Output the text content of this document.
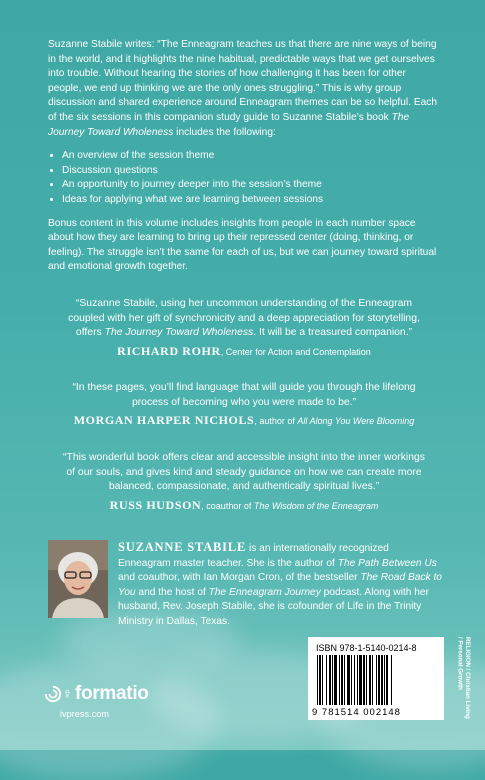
Suzanne Stabile writes: “The Enneagram teaches us that there are nine ways of being in the world, and it highlights the nine habitual, predictable ways that we get ourselves into trouble. Without hearing the stories of how challenging it has been for other people, we end up thinking we are the only ones struggling.” This is why group discussion and shared experience around Enneagram themes can be so helpful. Each of the six sessions in this companion study guide to Suzanne Stabile’s book The Journey Toward Wholeness includes the following:

• An overview of the session theme
• Discussion questions
• An opportunity to journey deeper into the session’s theme
• Ideas for applying what we are learning between sessions

Bonus content in this volume includes insights from people in each number space about how they are learning to bring up their repressed center (doing, thinking, or feeling). The struggle isn’t the same for each of us, but we can journey toward spiritual and emotional growth together.

“Suzanne Stabile, using her uncommon understanding of the Enneagram coupled with her gift of synchronicity and a deep appreciation for storytelling, offers The Journey Toward Wholeness. It will be a treasured companion.”
RICHARD ROHR, Center for Action and Contemplation
“In these pages, you’ll find language that will guide you through the lifelong process of becoming who you were made to be.”
MORGAN HARPER NICHOLS, author of All Along You Were Blooming
“This wonderful book offers clear and accessible insight into the inner workings of our souls, and gives kind and steady guidance on how we can create more balanced, compassionate, and authentically spiritual lives.”
RUSS HUDSON, coauthor of The Wisdom of the Enneagram

SUZANNE STABILE is an internationally recognized Enneagram master teacher. She is the author of The Path Between Us and coauthor, with Ian Morgan Cron, of the bestseller The Road Back to You and the host of The Enneagram Journey podcast. Along with her husband, Rev. Joseph Stabile, she is cofounder of Life in the Trinity Ministry in Dallas, Texas.

ivp formatio
ivpress.com
ISBN 978-1-5140-0214-8
9 781514 002148	RELIGION / Christian Living / Personal Growth
